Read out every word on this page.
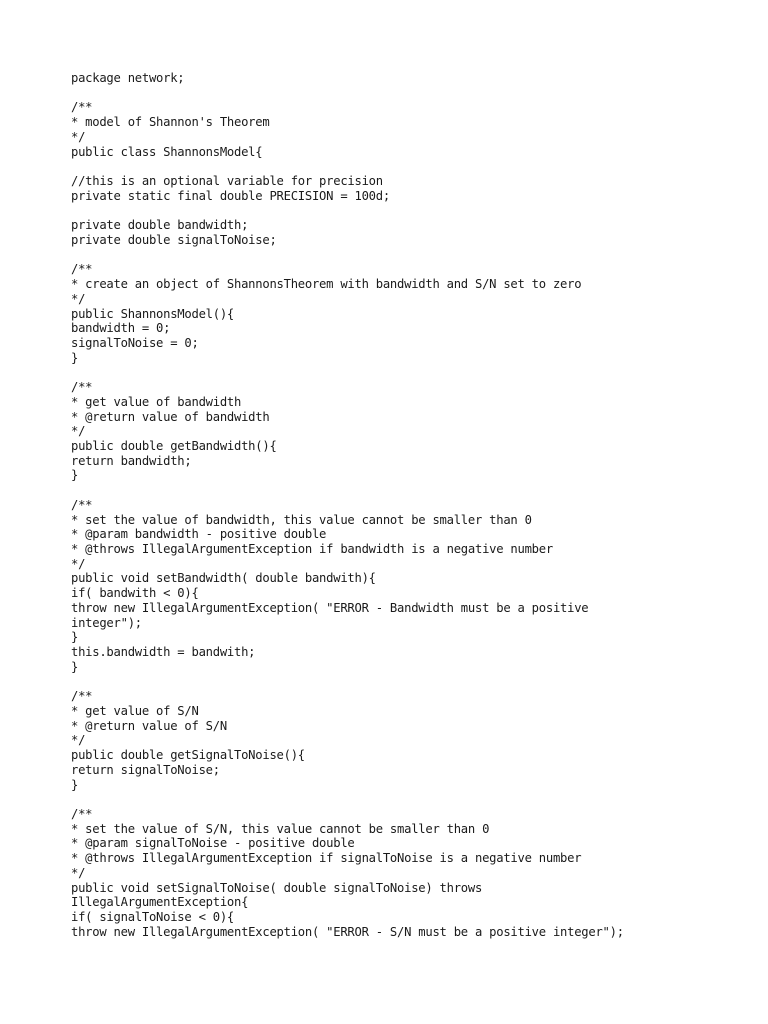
package network;
/**
* model of Shannon's Theorem
*/
public class ShannonsModel{
//this is an optional variable for precision
private static final double PRECISION = 100d;
private double bandwidth;
private double signalToNoise;
/**
* create an object of ShannonsTheorem with bandwidth and S/N set to zero
*/
public ShannonsModel(){
bandwidth = 0;
signalToNoise = 0;
}
/**
* get value of bandwidth
* @return value of bandwidth
*/
public double getBandwidth(){
return bandwidth;
}
/**
* set the value of bandwidth, this value cannot be smaller than 0
* @param bandwidth - positive double
* @throws IllegalArgumentException if bandwidth is a negative number
*/
public void setBandwidth( double bandwith){
if( bandwith < 0){
throw new IllegalArgumentException( "ERROR - Bandwidth must be a positive
integer");
}
this.bandwidth = bandwith;
}
/**
* get value of S/N
* @return value of S/N
*/
public double getSignalToNoise(){
return signalToNoise;
}
/**
* set the value of S/N, this value cannot be smaller than 0
* @param signalToNoise - positive double
* @throws IllegalArgumentException if signalToNoise is a negative number
*/
public void setSignalToNoise( double signalToNoise) throws
IllegalArgumentException{
if( signalToNoise < 0){
throw new IllegalArgumentException( "ERROR - S/N must be a positive integer");
